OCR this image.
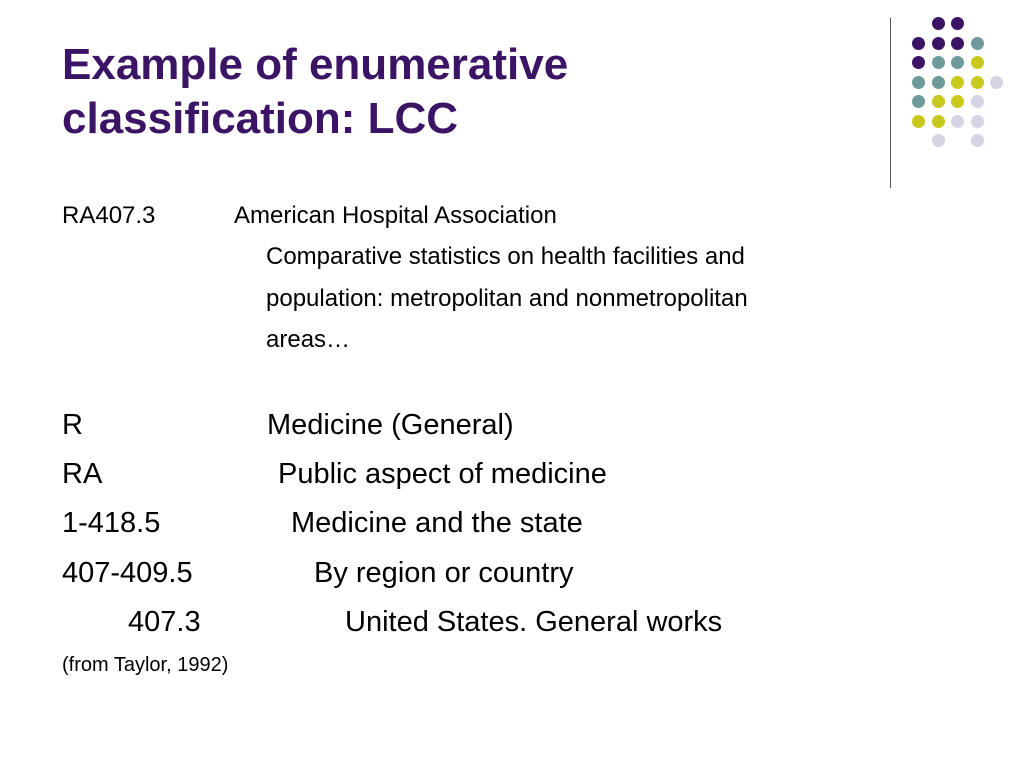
Example of enumerative
classification: LCC
RA407.3	American Hospital Association
Comparative statistics on health facilities and
population: metropolitan and nonmetropolitan
areas…
R	Medicine (General)
RA	Public aspect of medicine
1-418.5	Medicine and the state
407-409.5	By region or country
407.3	United States. General works
(from Taylor, 1992)
